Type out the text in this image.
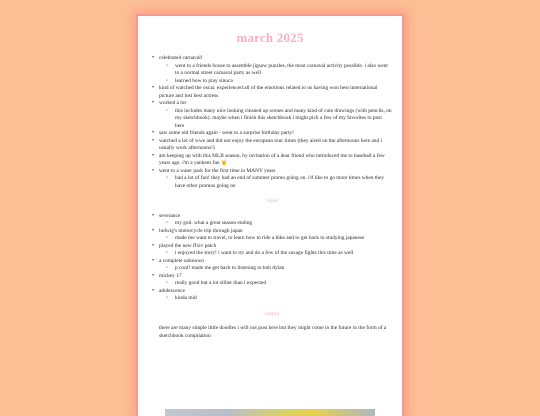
march 2025
• celebrated carnaval!
◦ went to a friends house to assemble jigsaw puzzles, the most carnaval activity possible. i also went to a normal street carnaval party as well
◦ learned how to play sinuca
• kind of watched the oscar. experienced all of the emotions related to us having won best international picture and lost best actress
• worked a lot
◦ this includes many nice looking cleaned up scenes and many kind of cute drawings (with pencils, on my sketchbook). maybe when i finish this sketchbook i might pick a few of my favorites to post here
• saw some old friends again - went to a surprise birthday party!
• watched a lot of wwe and did not enjoy the european tour times (they aired on the afternoons here and i usually work afternoons!)
• am keeping up with this MLB season, by invitation of a dear friend who introduced me to baseball a few years ago. i'm a yankees fan 🤘
• went to a water park for the first time in MANY years
◦ had a lot of fun! they had an end of summer promo going on. i'd like to go more times when they have other promos going on
input
• severance
◦ my god. what a great season ending
• ludwig's motorcycle trip through japan
◦ made me want to travel, to learn how to ride a bike and to get back to studying japanese
• played the new ffxiv patch
◦ i enjoyed the story! i want to try and do a few of the savage fights this time as well
• a complete unknown
◦ p cool! made me get back to listening to bob dylan
• mickey 17
◦ really good but a lot sillier than i expected
• adolescence
◦ kinda mid
output
there are many simple little doodles i will not post here but they might come in the future in the form of a sketchbook compilation
